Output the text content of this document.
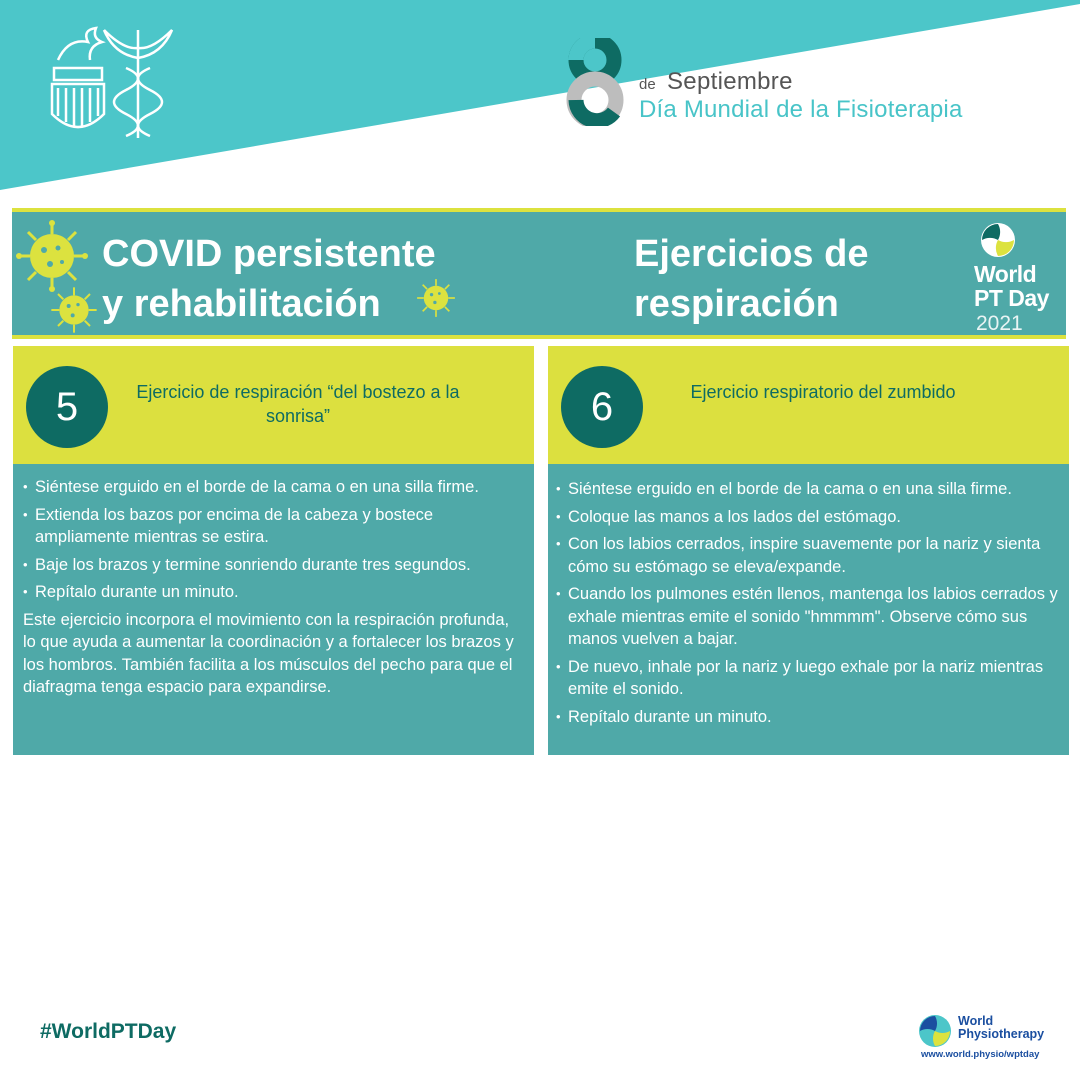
de Septiembre
Día Mundial de la Fisioterapia
COVID persistente
y rehabilitación
Ejercicios de
respiración
World
PT Day
2021
5	Ejercicio de respiración “del bostezo a la sonrisa”
• Siéntese erguido en el borde de la cama o en una silla firme.
• Extienda los bazos por encima de la cabeza y bostece ampliamente mientras se estira.
• Baje los brazos y termine sonriendo durante tres segundos.
• Repítalo durante un minuto.

Este ejercicio incorpora el movimiento con la respiración profunda, lo que ayuda a aumentar la coordinación y a fortalecer los brazos y los hombros. También facilita a los músculos del pecho para que el diafragma tenga espacio para expandirse.

6	Ejercicio respiratorio del zumbido
• Siéntese erguido en el borde de la cama o en una silla firme.
• Coloque las manos a los lados del estómago.
• Con los labios cerrados, inspire suavemente por la nariz y sienta cómo su estómago se eleva/expande.
• Cuando los pulmones estén llenos, mantenga los labios cerrados y exhale mientras emite el sonido "hmmmm". Observe cómo sus manos vuelven a bajar.
• De nuevo, inhale por la nariz y luego exhale por la nariz mientras emite el sonido.
• Repítalo durante un minuto.
#WorldPTDay	World
Physiotherapy
www.world.physio/wptday
